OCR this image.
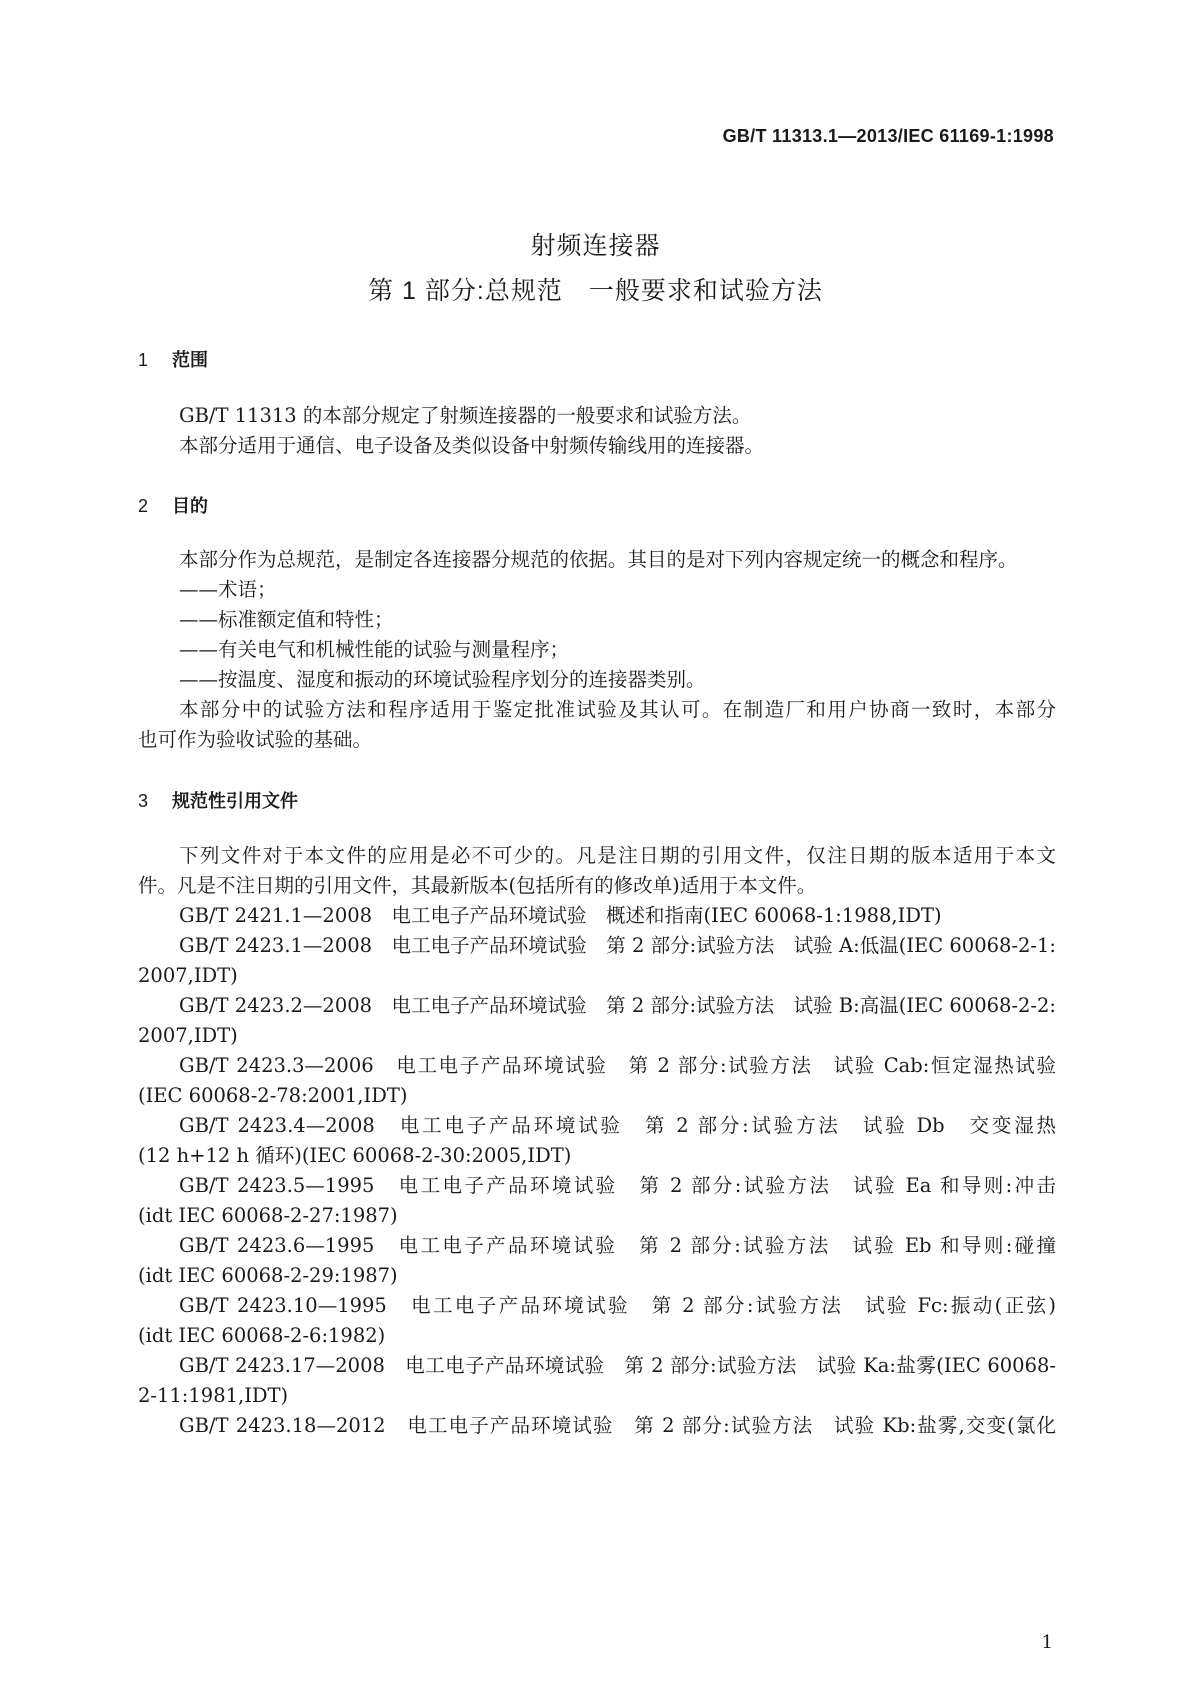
GB/T 11313.1—2013/IEC 61169-1:1998
射频连接器
第 1 部分:总规范 一般要求和试验方法
1 范围
GB/T 11313 的本部分规定了射频连接器的一般要求和试验方法。
本部分适用于通信、电子设备及类似设备中射频传输线用的连接器。
2 目的
本部分作为总规范，是制定各连接器分规范的依据。其目的是对下列内容规定统一的概念和程序。
——术语；
——标准额定值和特性；
——有关电气和机械性能的试验与测量程序；
——按温度、湿度和振动的环境试验程序划分的连接器类别。
本部分中的试验方法和程序适用于鉴定批准试验及其认可。在制造厂和用户协商一致时，本部分
也可作为验收试验的基础。
3 规范性引用文件
下列文件对于本文件的应用是必不可少的。凡是注日期的引用文件，仅注日期的版本适用于本文
件。凡是不注日期的引用文件，其最新版本(包括所有的修改单)适用于本文件。
GB/T 2421.1—2008　电工电子产品环境试验　概述和指南(IEC 60068-1:1988,IDT)
GB/T 2423.1—2008　电工电子产品环境试验　第 2 部分:试验方法　试验 A:低温(IEC 60068-2-1:
2007,IDT)
GB/T 2423.2—2008　电工电子产品环境试验　第 2 部分:试验方法　试验 B:高温(IEC 60068-2-2:
2007,IDT)
GB/T 2423.3—2006　电工电子产品环境试验　第 2 部分:试验方法　试验 Cab:恒定湿热试验
(IEC 60068-2-78:2001,IDT)
GB/T 2423.4—2008　电工电子产品环境试验　第 2 部分:试验方法　试验 Db　交变湿热
(12 h+12 h 循环)(IEC 60068-2-30:2005,IDT)
GB/T 2423.5—1995　电工电子产品环境试验　第 2 部分:试验方法　试验 Ea 和导则:冲击
(idt IEC 60068-2-27:1987)
GB/T 2423.6—1995　电工电子产品环境试验　第 2 部分:试验方法　试验 Eb 和导则:碰撞
(idt IEC 60068-2-29:1987)
GB/T 2423.10—1995　电工电子产品环境试验　第 2 部分:试验方法　试验 Fc:振动(正弦)
(idt IEC 60068-2-6:1982)
GB/T 2423.17—2008　电工电子产品环境试验　第 2 部分:试验方法　试验 Ka:盐雾(IEC 60068-
2-11:1981,IDT)
GB/T 2423.18—2012　电工电子产品环境试验　第 2 部分:试验方法　试验 Kb:盐雾,交变(氯化
1
